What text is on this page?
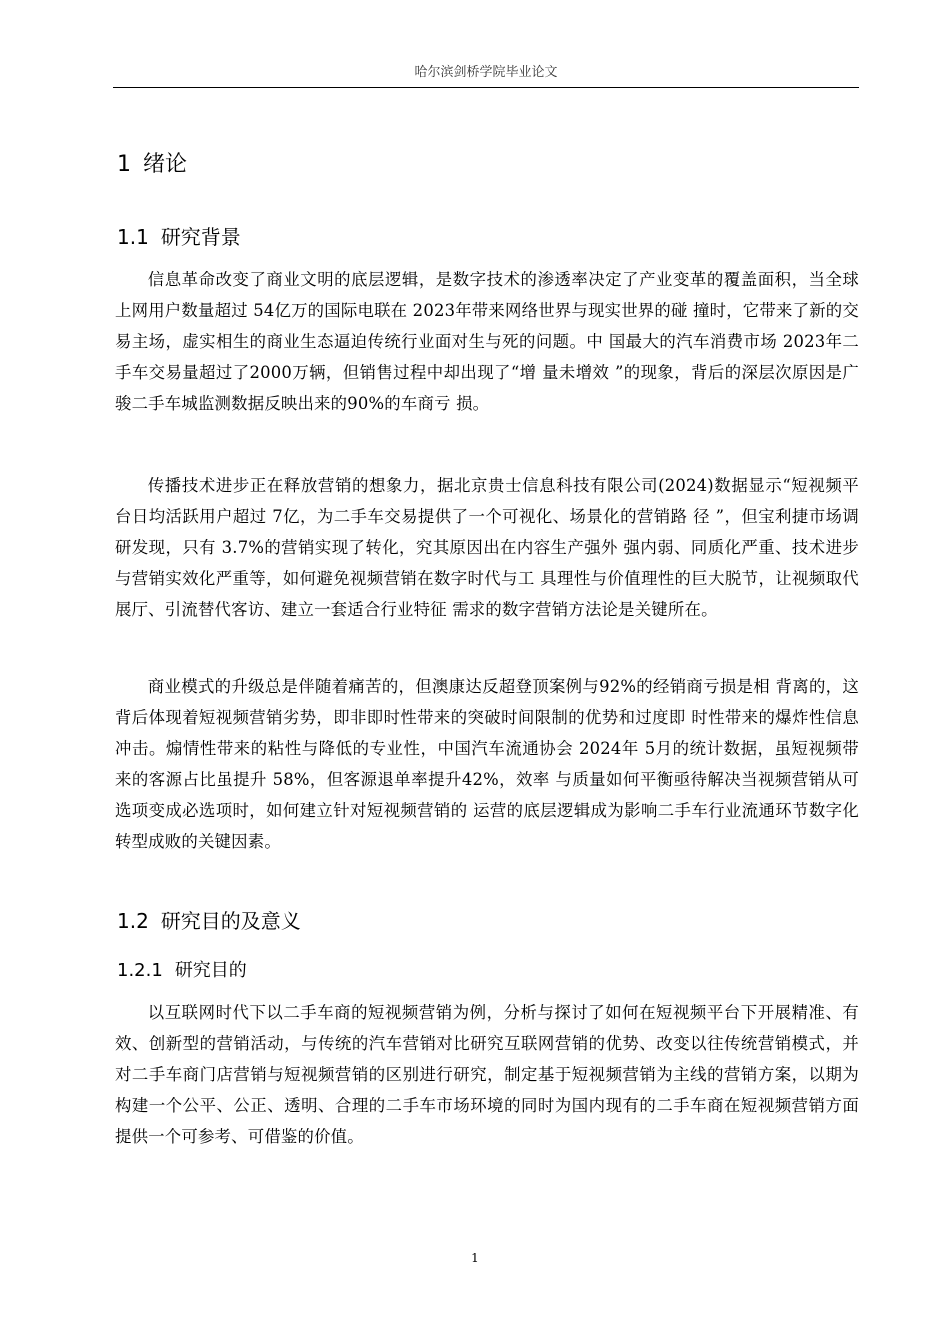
哈尔滨剑桥学院毕业论文
1 绪论
1.1 研究背景

信息革命改变了商业文明的底层逻辑，是数字技术的渗透率决定了产业变革的覆盖面积，当全球上网用户数量超过 54亿万的国际电联在 2023年带来网络世界与现实世界的碰 撞时，它带来了新的交易主场，虚实相生的商业生态逼迫传统行业面对生与死的问题。中 国最大的汽车消费市场 2023年二手车交易量超过了2000万辆，但销售过程中却出现了“增 量未增效 ”的现象，背后的深层次原因是广骏二手车城监测数据反映出来的90%的车商亏 损。

传播技术进步正在释放营销的想象力，据北京贵士信息科技有限公司(2024)数据显示“短视频平台日均活跃用户超过 7亿，为二手车交易提供了一个可视化、场景化的营销路 径 ”，但宝利捷市场调研发现，只有 3.7%的营销实现了转化，究其原因出在内容生产强外 强内弱、同质化严重、技术进步与营销实效化严重等，如何避免视频营销在数字时代与工 具理性与价值理性的巨大脱节，让视频取代展厅、引流替代客访、建立一套适合行业特征 需求的数字营销方法论是关键所在。

商业模式的升级总是伴随着痛苦的，但澳康达反超登顶案例与92%的经销商亏损是相 背离的，这背后体现着短视频营销劣势，即非即时性带来的突破时间限制的优势和过度即 时性带来的爆炸性信息冲击。煽情性带来的粘性与降低的专业性，中国汽车流通协会 2024年 5月的统计数据，虽短视频带来的客源占比虽提升 58%，但客源退单率提升42%，效率 与质量如何平衡亟待解决当视频营销从可选项变成必选项时，如何建立针对短视频营销的 运营的底层逻辑成为影响二手车行业流通环节数字化转型成败的关键因素。

1.2 研究目的及意义
1.2.1 研究目的

以互联网时代下以二手车商的短视频营销为例，分析与探讨了如何在短视频平台下开展精准、有效、创新型的营销活动，与传统的汽车营销对比研究互联网营销的优势、改变以往传统营销模式，并对二手车商门店营销与短视频营销的区别进行研究，制定基于短视频营销为主线的营销方案，以期为构建一个公平、公正、透明、合理的二手车市场环境的同时为国内现有的二手车商在短视频营销方面提供一个可参考、可借鉴的价值。

1
